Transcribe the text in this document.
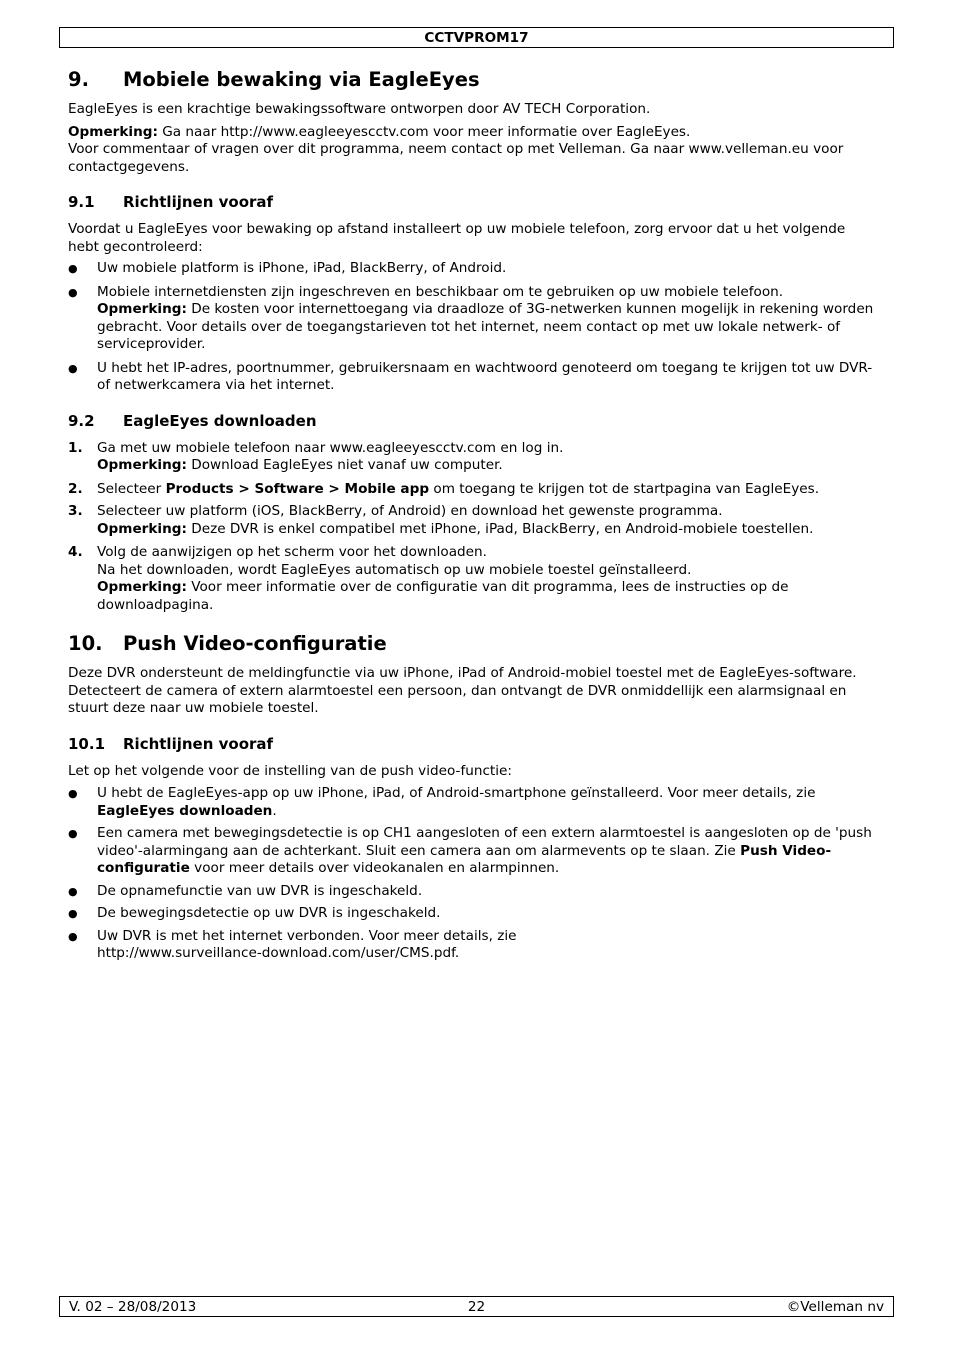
CCTVPROM17
9.	Mobiele bewaking via EagleEyes

EagleEyes is een krachtige bewakingssoftware ontworpen door AV TECH Corporation.

Opmerking: Ga naar http://www.eagleeyescctv.com voor meer informatie over EagleEyes.

Voor commentaar of vragen over dit programma, neem contact op met Velleman. Ga naar www.velleman.eu voor contactgegevens.

9.1	Richtlijnen vooraf

Voordat u EagleEyes voor bewaking op afstand installeert op uw mobiele telefoon, zorg ervoor dat u het volgende hebt gecontroleerd:

●	Uw mobiele platform is iPhone, iPad, BlackBerry, of Android.
●	Mobiele internetdiensten zijn ingeschreven en beschikbaar om te gebruiken op uw mobiele telefoon.
Opmerking: De kosten voor internettoegang via draadloze of 3G-netwerken kunnen mogelijk in rekening worden gebracht. Voor details over de toegangstarieven tot het internet, neem contact op met uw lokale netwerk- of serviceprovider.
●	U hebt het IP-adres, poortnummer, gebruikersnaam en wachtwoord genoteerd om toegang te krijgen tot uw DVR- of netwerkcamera via het internet.
9.2	EagleEyes downloaden
1.	Ga met uw mobiele telefoon naar www.eagleeyescctv.com en log in.
Opmerking: Download EagleEyes niet vanaf uw computer.
2.	Selecteer Products > Software > Mobile app om toegang te krijgen tot de startpagina van EagleEyes.
3.	Selecteer uw platform (iOS, BlackBerry, of Android) en download het gewenste programma.
Opmerking: Deze DVR is enkel compatibel met iPhone, iPad, BlackBerry, en Android-mobiele toestellen.
4.	Volg de aanwijzigen op het scherm voor het downloaden.
Na het downloaden, wordt EagleEyes automatisch op uw mobiele toestel geïnstalleerd.
Opmerking: Voor meer informatie over de configuratie van dit programma, lees de instructies op de downloadpagina.
10.	Push Video-configuratie

Deze DVR ondersteunt de meldingfunctie via uw iPhone, iPad of Android-mobiel toestel met de EagleEyes-software. Detecteert de camera of extern alarmtoestel een persoon, dan ontvangt de DVR onmiddellijk een alarmsignaal en stuurt deze naar uw mobiele toestel.

10.1	Richtlijnen vooraf

Let op het volgende voor de instelling van de push video-functie:

●	U hebt de EagleEyes-app op uw iPhone, iPad, of Android-smartphone geïnstalleerd. Voor meer details, zie EagleEyes downloaden.
●	Een camera met bewegingsdetectie is op CH1 aangesloten of een extern alarmtoestel is aangesloten op de 'push video'-alarmingang aan de achterkant. Sluit een camera aan om alarmevents op te slaan. Zie Push Video-configuratie voor meer details over videokanalen en alarmpinnen.
●	De opnamefunctie van uw DVR is ingeschakeld.
●	De bewegingsdetectie op uw DVR is ingeschakeld.
●	Uw DVR is met het internet verbonden. Voor meer details, zie
http://www.surveillance-download.com/user/CMS.pdf.
V. 02 – 28/08/2013	22	©Velleman nv
